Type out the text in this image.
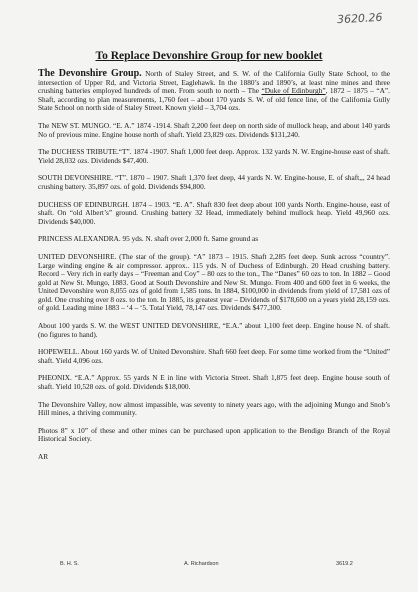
3620.26
To Replace Devonshire Group for new booklet

The Devonshire Group. North of Staley Street, and S. W. of the California Gully State School, to the intersection of Upper Rd, and Victoria Street, Eaglehawk. In the 1880’s and 1890’s, at least nine mines and three crushing batteries employed hundreds of men. From south to north – The “Duke of Edinburgh”, 1872 – 1875 – “A”. Shaft, according to plan measurements, 1,760 feet – about 170 yards S. W. of old fence line, of the California Gully State School on north side of Staley Street. Known yield – 3,704 ozs.

The NEW ST. MUNGO. “E. A.” 1874 -1914. Shaft 2,200 feet deep on north side of mullock heap, and about 140 yards No of previous mine. Engine house north of shaft. Yield 23,829 ozs. Dividends $131,240.

The DUCHESS TRIBUTE.“T”. 1874 -1907. Shaft 1,000 feet deep. Approx. 132 yards N. W. Engine-house east of shaft. Yield 28,032 ozs. Dividends $47,400.

SOUTH DEVONSHIRE. “T”. 1870 – 1907. Shaft 1,370 feet deep, 44 yards N. W. Engine-house, E. of shaft,,, 24 head crushing battery. 35,897 ozs. of gold. Dividends $94,800.

DUCHESS OF EDINBURGH. 1874 – 1903. “E. A”. Shaft 830 feet deep about 100 yards North. Engine-house, east of shaft. On “old Albert’s” ground. Crushing battery 32 Head, immediately behind mullock heap. Yield 49,960 ozs. Dividends $40,000.

PRINCESS ALEXANDRA. 95 yds. N. shaft over 2,000 ft. Same ground as

UNITED DEVONSHIRE. (The star of the group). “A” 1873 – 1915. Shaft 2,285 feet deep. Sunk across “country”. Large winding engine & air compressor. approx.. 115 yds. N of Duchess of Edinburgh. 20 Head crushing battery. Record – Very rich in early days – “Freeman and Coy” – 80 ozs to the ton., The “Danes” 60 ozs to ton. In 1882 – Good gold at New St. Mungo, 1883. Good at South Devonshire and New St. Mungo. From 400 and 600 feet in 6 weeks, the United Devonshire won 8,055 ozs of gold from 1,585 tons. In 1884, $100,000 in dividends from yield of 17,581 ozs of gold. One crushing over 8 ozs. to the ton. In 1885, its greatest year – Dividends of $178,600 on a years yield 28,159 ozs. of gold. Leading mine 1883 – ‘4 – ‘5. Total Yield, 78,147 ozs. Dividends $477,300.

About 100 yards S. W. the WEST UNITED DEVONSHIRE, “E.A.” about 1,100 feet deep. Engine house N. of shaft. (no figures to hand).

HOPEWELL. About 160 yards W. of United Devonshire. Shaft 660 feet deep. For some time worked from the “United” shaft. Yield 4,096 ozs.

PHEONIX. “E.A.” Approx. 55 yards N E in line with Victoria Street. Shaft 1,875 feet deep. Engine house south of shaft. Yield 10,528 ozs. of gold. Dividends $18,000.

The Devonshire Valley, now almost impassible, was seventy to ninety years ago, with the adjoining Mungo and Snob’s Hill mines, a thriving community.

Photos 8” x 10” of these and other mines can be purchased upon application to the Bendigo Branch of the Royal Historical Society.

AR

B. H. S.	A. Richardson	3619.2
